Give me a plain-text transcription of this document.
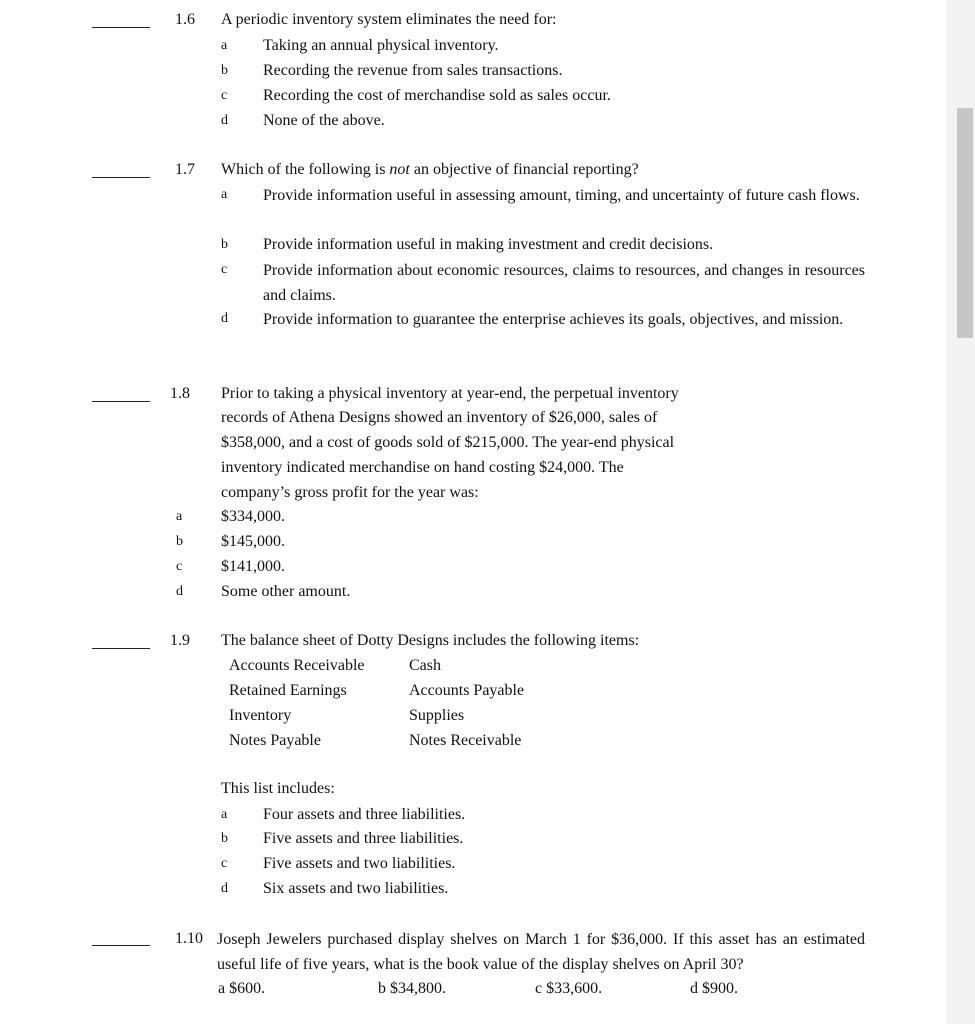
1.6 A periodic inventory system eliminates the need for:
a Taking an annual physical inventory.
b Recording the revenue from sales transactions.
c Recording the cost of merchandise sold as sales occur.
d None of the above.
1.7 Which of the following is not an objective of financial reporting?
a Provide information useful in assessing amount, timing, and uncertainty of future cash flows.
b Provide information useful in making investment and credit decisions.
c Provide information about economic resources, claims to resources, and changes in resources and claims.
d Provide information to guarantee the enterprise achieves its goals, objectives, and mission.
1.8 Prior to taking a physical inventory at year-end, the perpetual inventory
records of Athena Designs showed an inventory of $26,000, sales of
$358,000, and a cost of goods sold of $215,000. The year-end physical
inventory indicated merchandise on hand costing $24,000. The
company’s gross profit for the year was:
a $334,000.
b $145,000.
c $141,000.
d Some other amount.
1.9 The balance sheet of Dotty Designs includes the following items:
Accounts Receivable	Cash
Retained Earnings	Accounts Payable
Inventory	Supplies
Notes Payable	Notes Receivable
This list includes:
a Four assets and three liabilities.
b Five assets and three liabilities.
c Five assets and two liabilities.
d Six assets and two liabilities.
1.10 Joseph Jewelers purchased display shelves on March 1 for $36,000. If this asset has an estimated useful life of five years, what is the book value of the display shelves on April 30?
a $600.	b $34,800.	c $33,600.	d $900.
